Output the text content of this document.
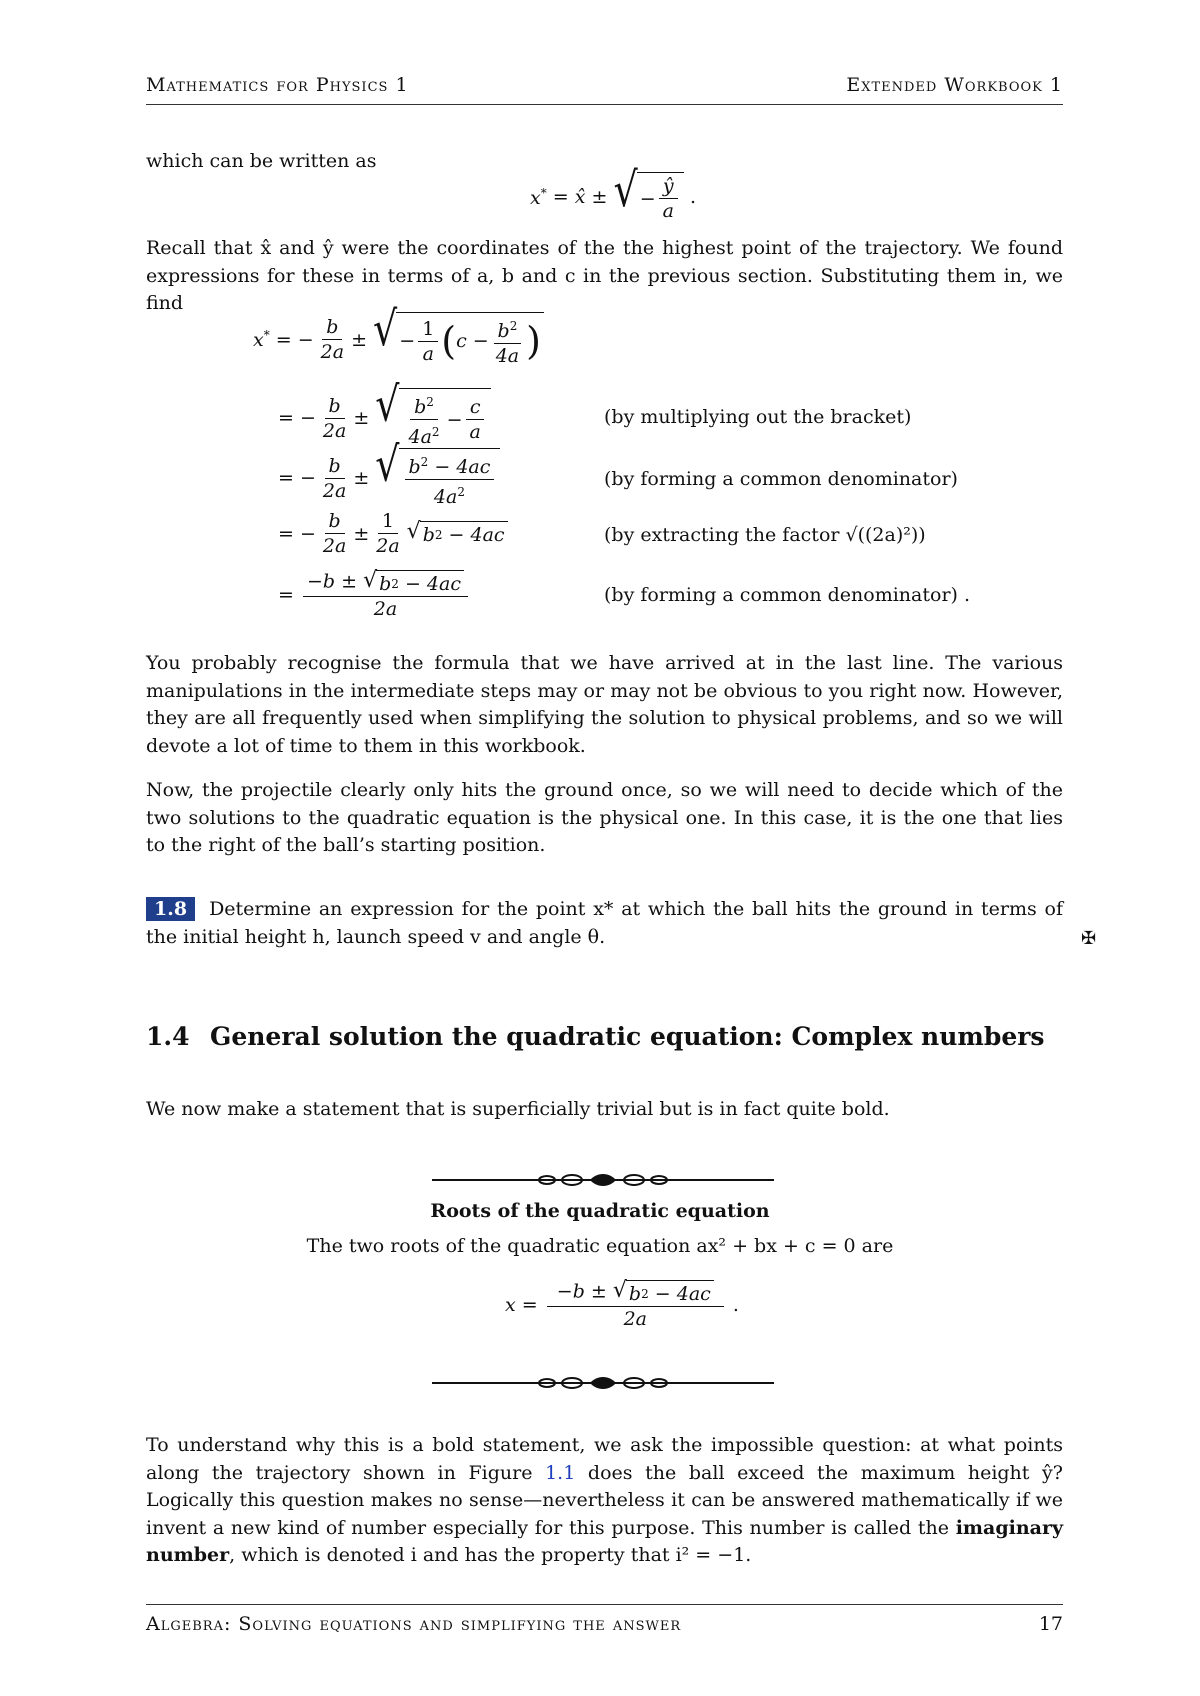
Mathematics for Physics 1	Extended Workbook 1

which can be written as

x*
=
x̂
±
√ − $\frac{ŷ}{a}$ .

Recall that x̂ and ŷ were the coordinates of the the highest point of the trajectory. We found expressions for these in terms of a, b and c in the previous section. Substituting them in, we find

x*
=
− $\frac{b}{2a}$ ±
√ − $\frac{1}{a}$ ( $c - \frac{b^2}{4a}$ )
=
− $\frac{b}{2a}$ ±
√ $\frac{b^2}{4a^2} - \frac{c}{a}$	(by multiplying out the bracket)
=
− $\frac{b}{2a}$ ±
√ $\frac{b^2 - 4ac}{4a^2}$	(by forming a common denominator)
=
− $\frac{b}{2a} \pm \frac{1}{2a}$ √ b 2
− 4ac	(by extracting the factor √((2a)²))
=
−b ± √ b 2
− 4ac
2a	(by forming a common denominator) .

You probably recognise the formula that we have arrived at in the last line. The various manipulations in the intermediate steps may or may not be obvious to you right now. However, they are all frequently used when simplifying the solution to physical problems, and so we will devote a lot of time to them in this workbook.

Now, the projectile clearly only hits the ground once, so we will need to decide which of the two solutions to the quadratic equation is the physical one. In this case, it is the one that lies to the right of the ball’s starting position.

1.8 Determine an expression for the point x* at which the ball hits the ground in terms of the initial height h, launch speed v and angle θ.	✠
1.4 General solution the quadratic equation: Complex numbers

We now make a statement that is superficially trivial but is in fact quite bold.

Roots of the quadratic equation
The two roots of the quadratic equation ax² + bx + c = 0 are
x
=
−b ± √ b 2
− 4ac

2a .

To understand why this is a bold statement, we ask the impossible question: at what points along the trajectory shown in Figure 1.1 does the ball exceed the maximum height ŷ? Logically this question makes no sense—nevertheless it can be answered mathematically if we invent a new kind of number especially for this purpose. This number is called the imaginary number, which is denoted i and has the property that i² = −1.

Algebra: Solving equations and simplifying the answer	17
